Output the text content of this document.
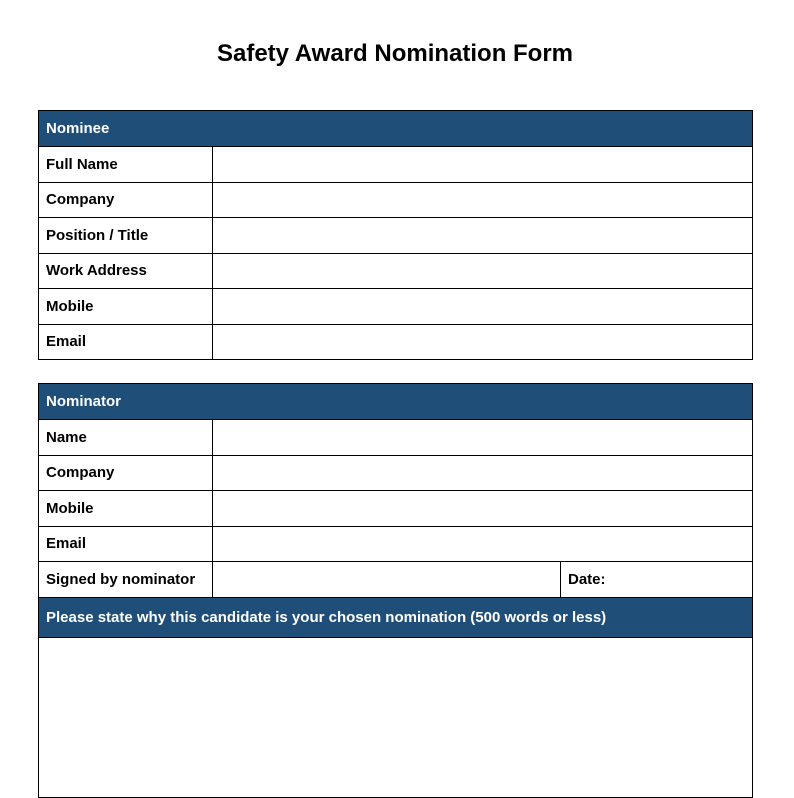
Safety Award Nomination Form
Nominee	
Full Name	
Company	
Position / Title	
Work Address	
Mobile	
Email	
Nominator		
Name		
Company		
Mobile		
Email		
Signed by nominator		Date:
Please state why this candidate is your chosen nomination (500 words or less)		
